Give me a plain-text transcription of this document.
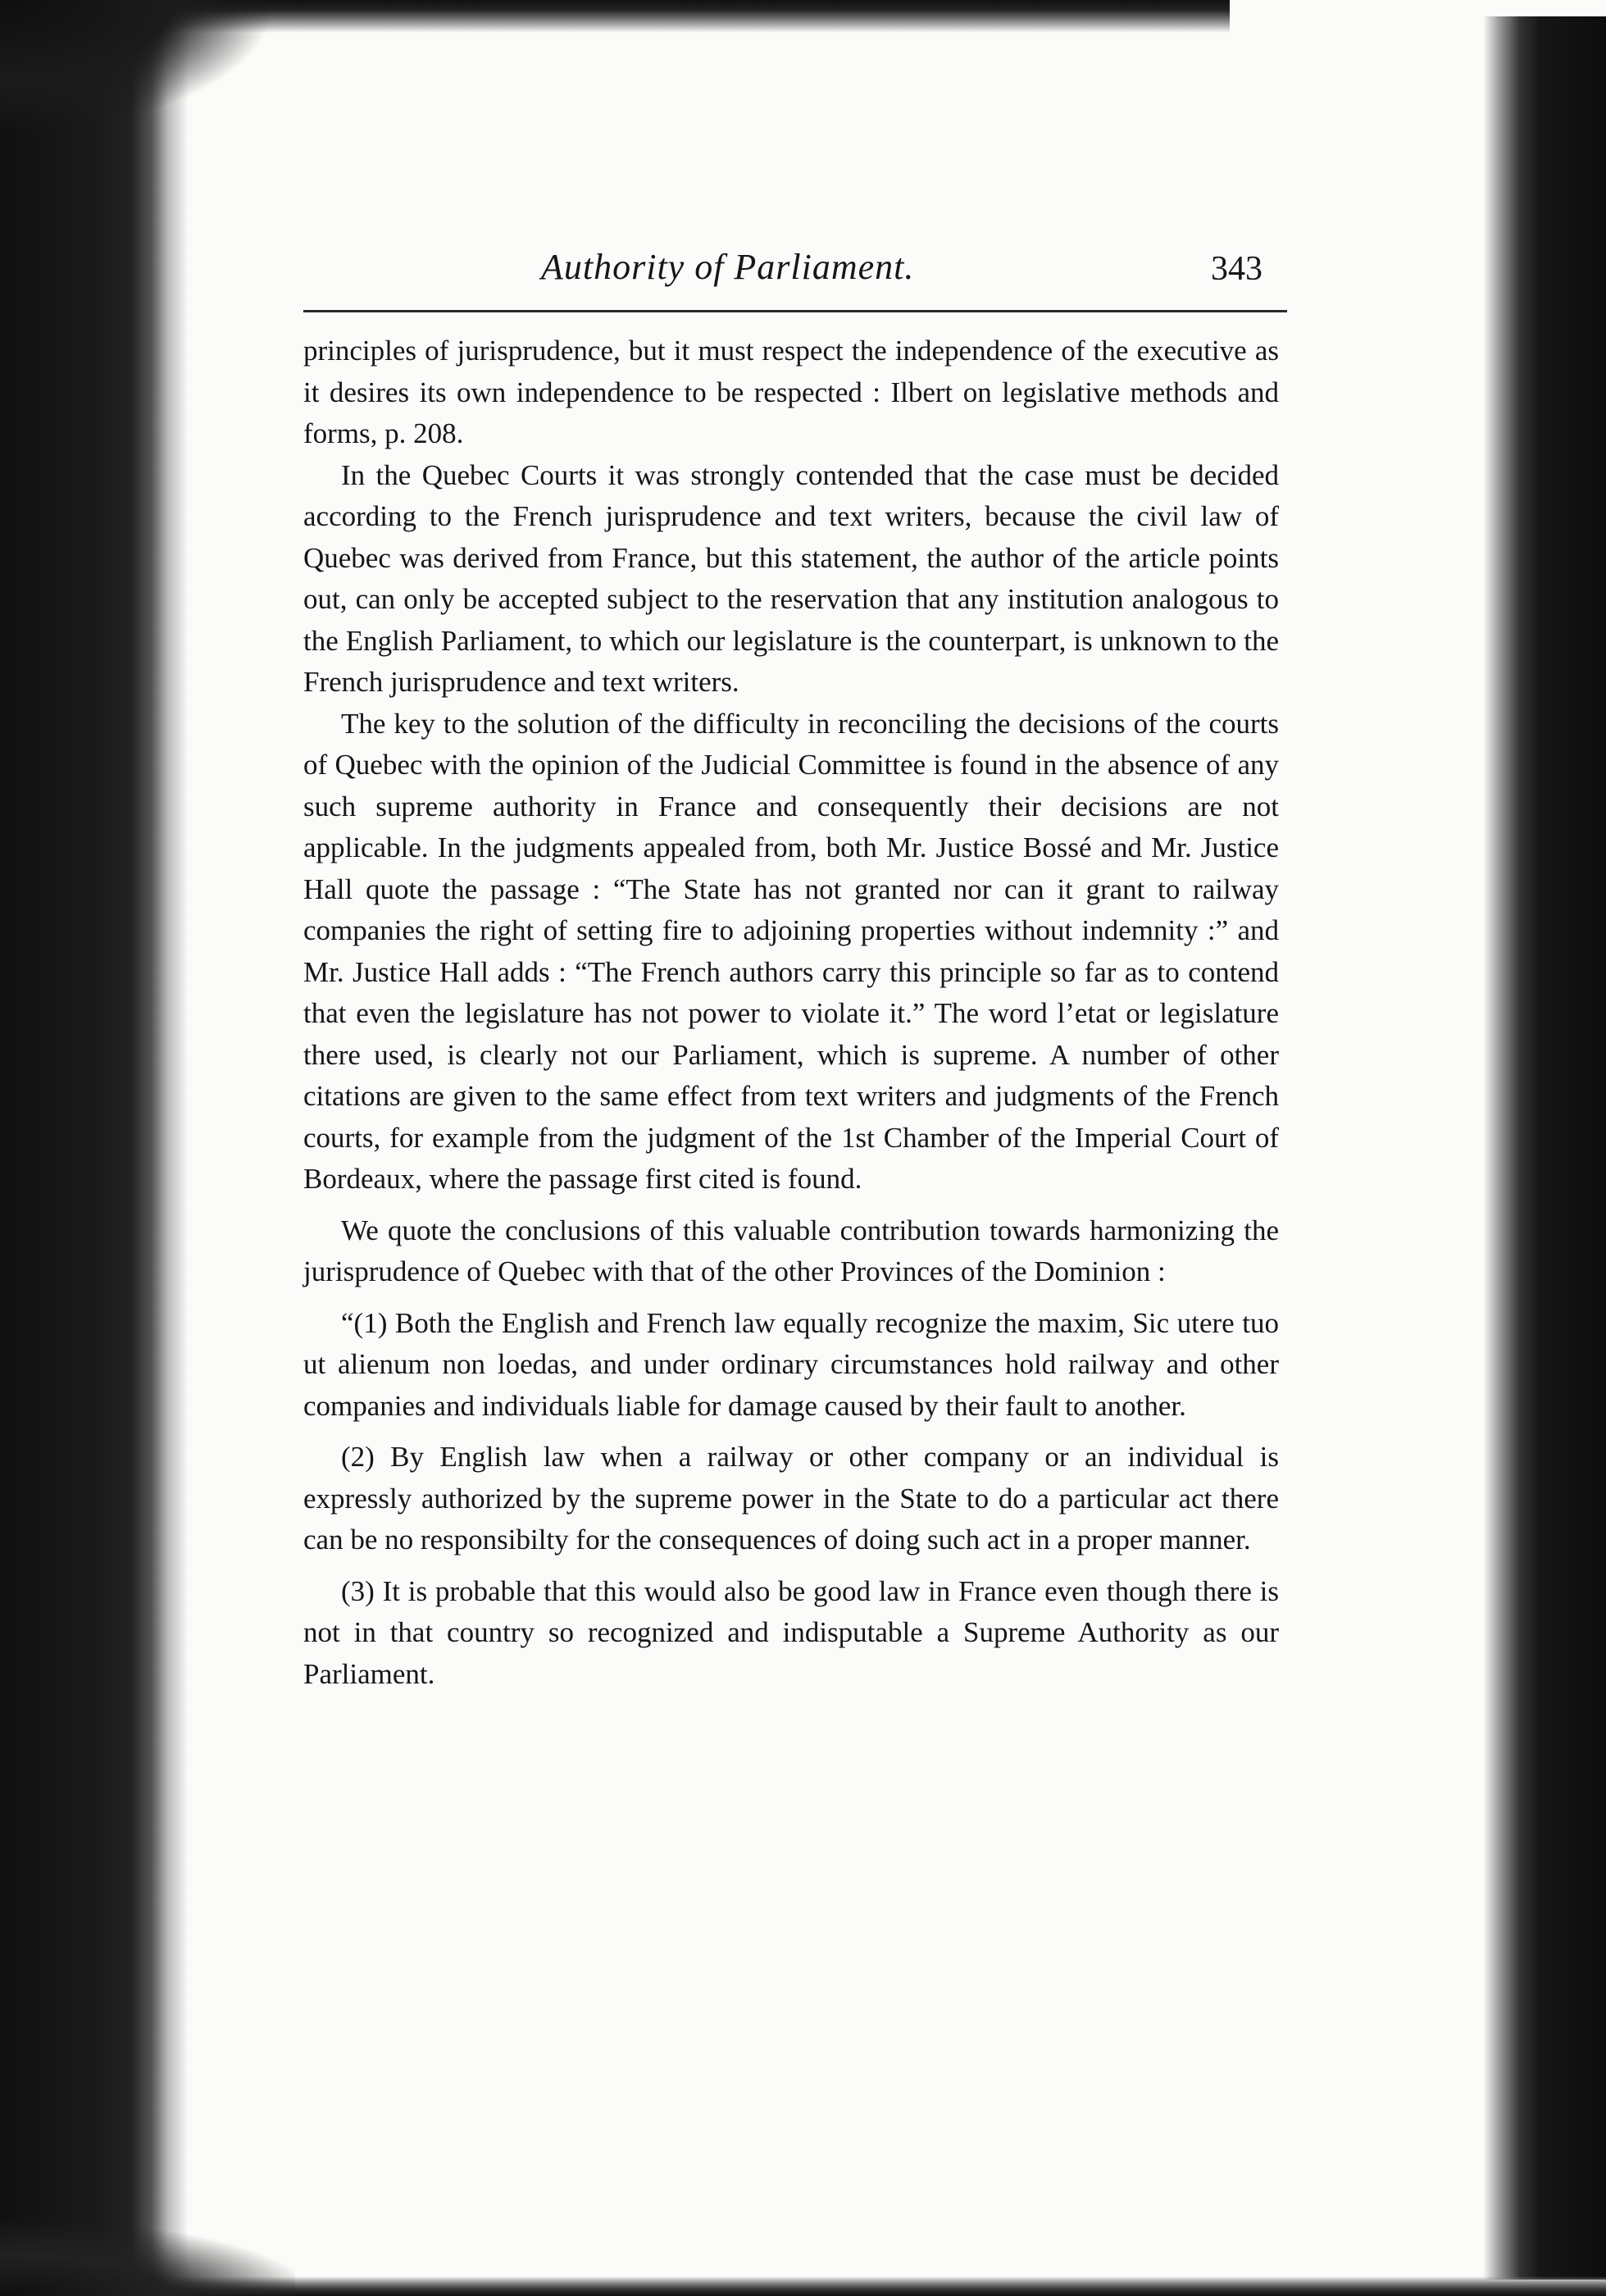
Authority of Parliament.	343

principles of jurisprudence, but it must respect the independence of the executive as it desires its own independence to be respected : Ilbert on legislative methods and forms, p. 208.

In the Quebec Courts it was strongly contended that the case must be decided according to the French jurisprudence and text writers, because the civil law of Quebec was derived from France, but this statement, the author of the article points out, can only be accepted subject to the reservation that any institution analogous to the English Parliament, to which our legislature is the counterpart, is unknown to the French jurisprudence and text writers.

The key to the solution of the difficulty in reconciling the decisions of the courts of Quebec with the opinion of the Judicial Committee is found in the absence of any such supreme authority in France and consequently their decisions are not applicable. In the judgments appealed from, both Mr. Justice Bossé and Mr. Justice Hall quote the passage : “The State has not granted nor can it grant to railway companies the right of setting fire to adjoining properties without indemnity :” and Mr. Justice Hall adds : “The French authors carry this principle so far as to contend that even the legislature has not power to violate it.” The word l’etat or legislature there used, is clearly not our Parliament, which is supreme. A number of other citations are given to the same effect from text writers and judgments of the French courts, for example from the judgment of the 1st Chamber of the Imperial Court of Bordeaux, where the passage first cited is found.

We quote the conclusions of this valuable contribution towards harmonizing the jurisprudence of Quebec with that of the other Provinces of the Dominion :

“(1) Both the English and French law equally recognize the maxim, Sic utere tuo ut alienum non loedas, and under ordinary circumstances hold railway and other companies and individuals liable for damage caused by their fault to another.

(2) By English law when a railway or other company or an individual is expressly authorized by the supreme power in the State to do a particular act there can be no responsibilty for the consequences of doing such act in a proper manner.

(3) It is probable that this would also be good law in France even though there is not in that country so recognized and indisputable a Supreme Authority as our Parliament.
